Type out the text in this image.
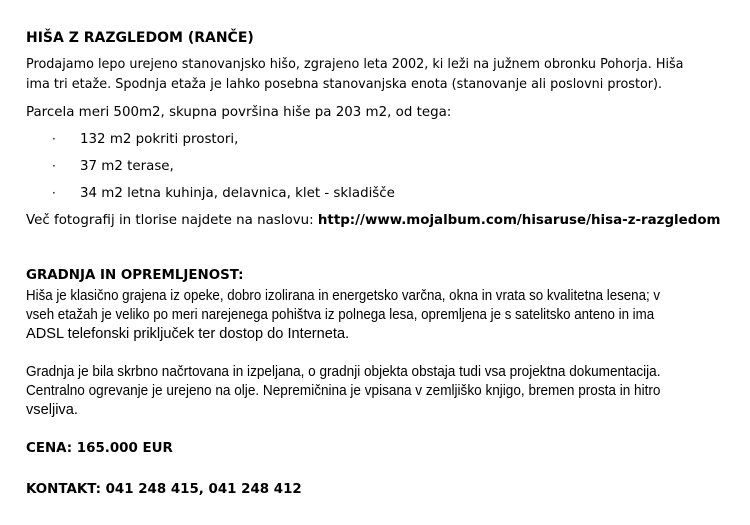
HIŠA Z RAZGLEDOM (RANČE)
Prodajamo lepo urejeno stanovanjsko hišo, zgrajeno leta 2002, ki leži na južnem obronku Pohorja. Hiša
ima tri etaže. Spodnja etaža je lahko posebna stanovanjska enota (stanovanje ali poslovni prostor).
Parcela meri 500m2, skupna površina hiše pa 203 m2, od tega:
· 132 m2 pokriti prostori,
· 37 m2 terase,
· 34 m2 letna kuhinja, delavnica, klet - skladišče
Več fotografij in tlorise najdete na naslovu: http://www.mojalbum.com/hisaruse/hisa-z-razgledom
GRADNJA IN OPREMLJENOST:
Hiša je klasično grajena iz opeke, dobro izolirana in energetsko varčna, okna in vrata so kvalitetna lesena; v
vseh etažah je veliko po meri narejenega pohištva iz polnega lesa, opremljena je s satelitsko anteno in ima
ADSL telefonski priključek ter dostop do Interneta.
Gradnja je bila skrbno načrtovana in izpeljana, o gradnji objekta obstaja tudi vsa projektna dokumentacija.
Centralno ogrevanje je urejeno na olje. Nepremičnina je vpisana v zemljiško knjigo, bremen prosta in hitro
vseljiva.
CENA: 165.000 EUR
KONTAKT: 041 248 415, 041 248 412
